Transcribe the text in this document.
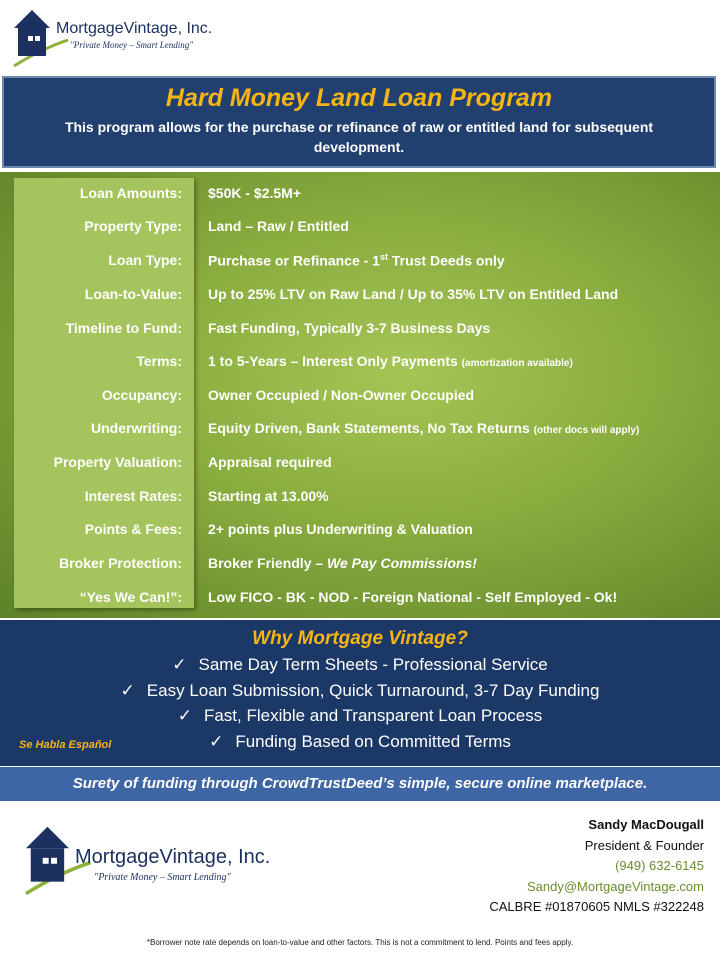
MortgageVintage, Inc.
"Private Money – Smart Lending"
Hard Money Land Loan Program

This program allows for the purchase or refinance of raw or entitled land for subsequent development.

Loan Amounts: $50K - $2.5M+
Property Type: Land – Raw / Entitled
Loan Type: Purchase or Refinance - 1st Trust Deeds only
Loan-to-Value: Up to 25% LTV on Raw Land / Up to 35% LTV on Entitled Land
Timeline to Fund: Fast Funding, Typically 3-7 Business Days
Terms: 1 to 5-Years – Interest Only Payments (amortization available)
Occupancy: Owner Occupied / Non-Owner Occupied
Underwriting: Equity Driven, Bank Statements, No Tax Returns (other docs will apply)
Property Valuation: Appraisal required
Interest Rates: Starting at 13.00%
Points & Fees: 2+ points plus Underwriting & Valuation
Broker Protection: Broker Friendly – We Pay Commissions!
“Yes We Can!”: Low FICO - BK - NOD - Foreign National - Self Employed - Ok!
Why Mortgage Vintage?
✓ Same Day Term Sheets - Professional Service
✓ Easy Loan Submission, Quick Turnaround, 3-7 Day Funding
✓ Fast, Flexible and Transparent Loan Process
✓ Funding Based on Committed Terms
Se Habla Español
Surety of funding through CrowdTrustDeed’s simple, secure online marketplace.
MortgageVintage, Inc.
"Private Money – Smart Lending"
Sandy MacDougall
President & Founder
(949) 632-6145
Sandy@MortgageVintage.com
CALBRE #01870605 NMLS #322248
*Borrower note rate depends on loan-to-value and other factors. This is not a commitment to lend. Points and fees apply.
